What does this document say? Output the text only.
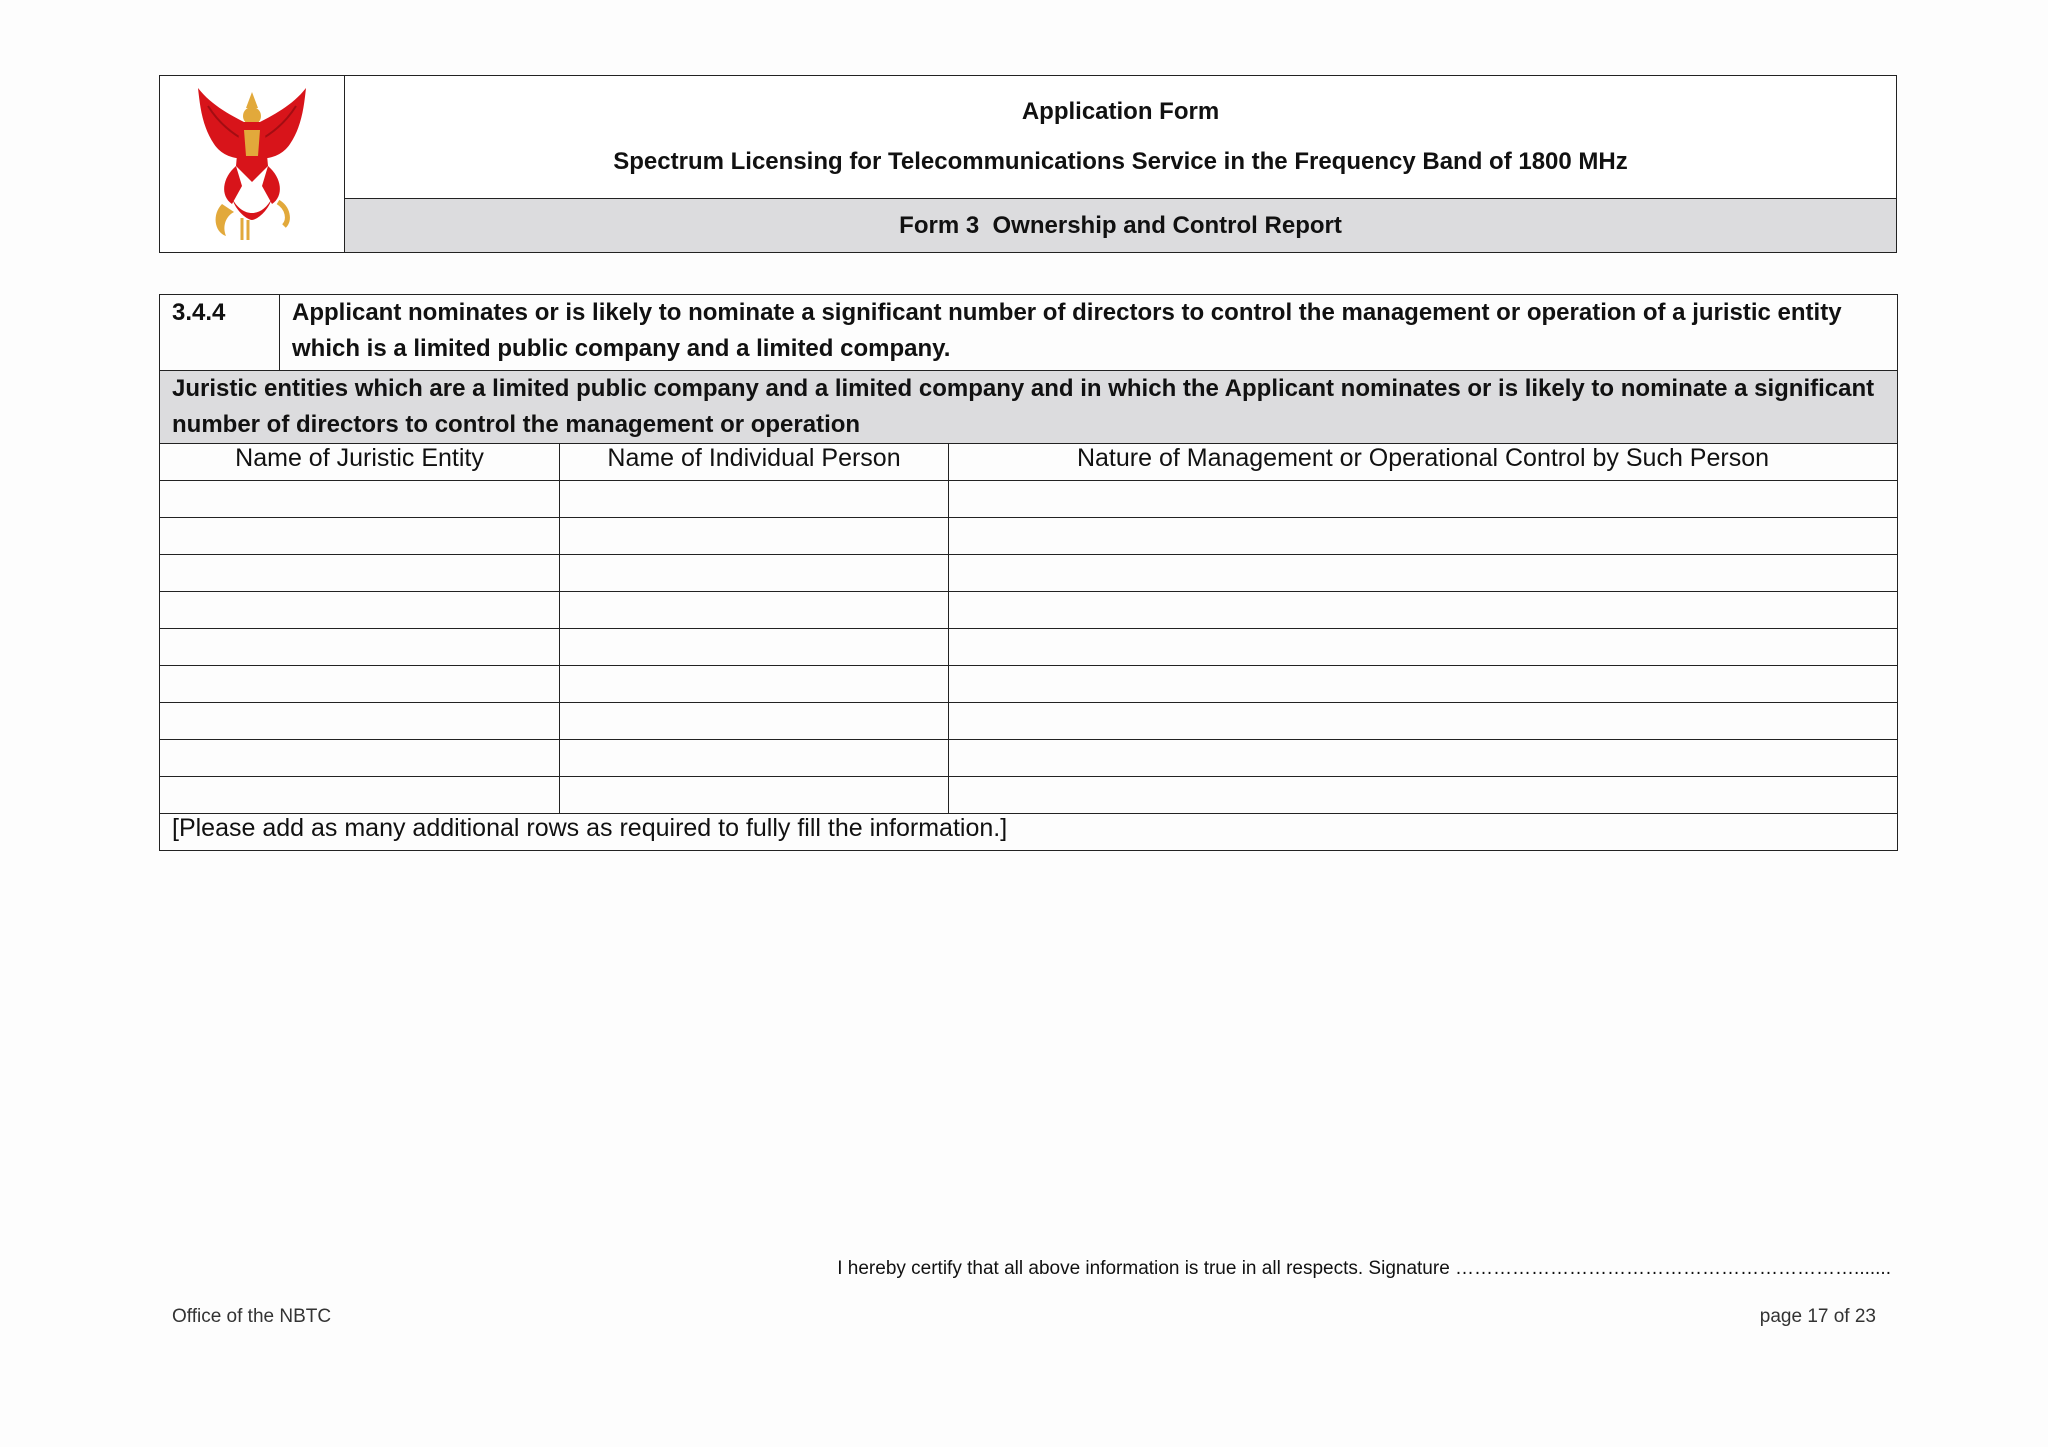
Application Form
Spectrum Licensing for Telecommunications Service in the Frequency Band of 1800 MHz
Form 3  Ownership and Control Report
3.4.4	Applicant nominates or is likely to nominate a significant number of directors to control the management or operation of a juristic entity which is a limited public company and a limited company.		
Juristic entities which are a limited public company and a limited company and in which the Applicant nominates or is likely to nominate a significant number of directors to control the management or operation			
Name of Juristic Entity		Name of Individual Person	Nature of Management or Operational Control by Such Person

[Please add as many additional rows as required to fully fill the information.]			
I hereby certify that all above information is true in all respects. Signature ……………………………………………………….......
Office of the NBTC	page 17 of 23
